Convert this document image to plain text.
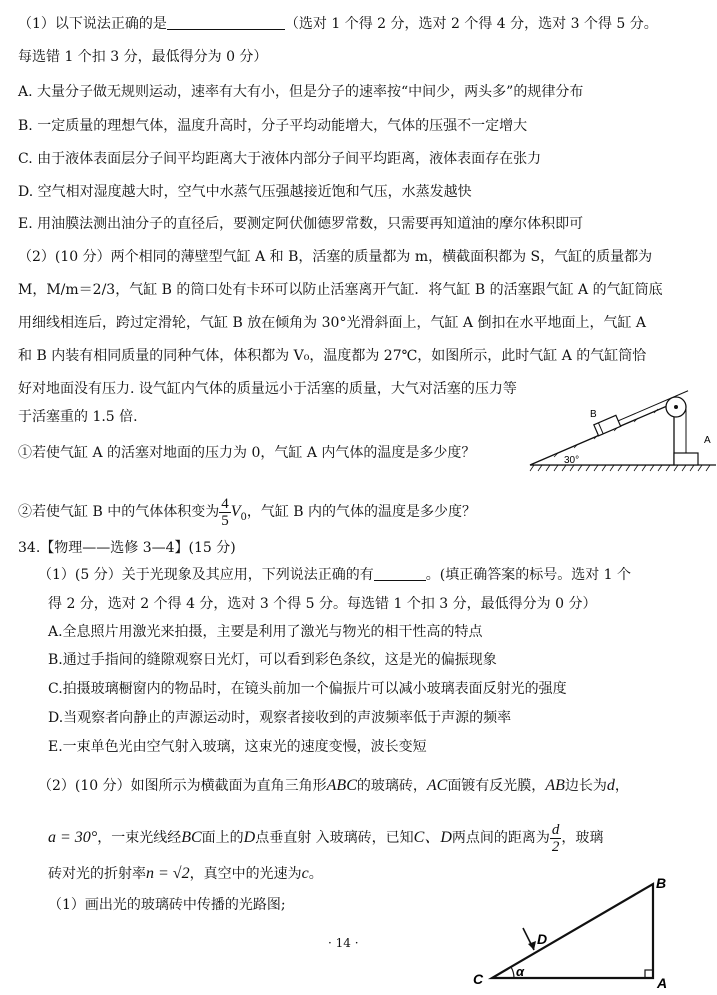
（1）以下说法正确的是	（选对 1 个得 2 分，选对 2 个得 4 分，选对 3 个得 5 分。
每选错 1 个扣 3 分，最低得分为 0 分）
A. 大量分子做无规则运动，速率有大有小，但是分子的速率按“中间少，两头多”的规律分布
B. 一定质量的理想气体，温度升高时，分子平均动能增大，气体的压强不一定增大
C. 由于液体表面层分子间平均距离大于液体内部分子间平均距离，液体表面存在张力
D. 空气相对湿度越大时，空气中水蒸气压强越接近饱和气压，水蒸发越快
E. 用油膜法测出油分子的直径后，要测定阿伏伽德罗常数，只需要再知道油的摩尔体积即可
（2）(10 分）两个相同的薄壁型气缸 A 和 B，活塞的质量都为 m，横截面积都为 S，气缸的质量都为
M，M/m＝2/3，气缸 B 的筒口处有卡环可以防止活塞离开气缸．将气缸 B 的活塞跟气缸 A 的气缸筒底
用细线相连后，跨过定滑轮，气缸 B 放在倾角为 30°光滑斜面上，气缸 A 倒扣在水平地面上，气缸 A
和 B 内装有相同质量的同种气体，体积都为 V₀，温度都为 27℃，如图所示，此时气缸 A 的气缸筒恰
好对地面没有压力. 设气缸内气体的质量远小于活塞的质量，大气对活塞的压力等
于活塞重的 1.5 倍.
①若使气缸 A 的活塞对地面的压力为 0，气缸 A 内气体的温度是多少度？
②若使气缸 B 中的气体体积变为 $\frac{4}{5} V_0$，气缸 B 内的气体的温度是多少度？
B
A
30°
34.【物理——选修 3—4】(15 分)
（1）(5 分）关于光现象及其应用，下列说法正确的有	。(填正确答案的标号。选对 1 个
得 2 分，选对 2 个得 4 分，选对 3 个得 5 分。每选错 1 个扣 3 分，最低得分为 0 分）
A.全息照片用激光来拍摄，主要是利用了激光与物光的相干性高的特点
B.通过手指间的缝隙观察日光灯，可以看到彩色条纹，这是光的偏振现象
C.拍摄玻璃橱窗内的物品时，在镜头前加一个偏振片可以减小玻璃表面反射光的强度
D.当观察者向静止的声源运动时，观察者接收到的声波频率低于声源的频率
E.一束单色光由空气射入玻璃，这束光的速度变慢，波长变短
（2）(10 分）如图所示为横截面为直角三角形ABC的玻璃砖，AC面镀有反光膜，AB边长为d，
a = 30°，一束光线经BC面上的D点垂直射 入玻璃砖，已知C、D两点间的距离为 $\frac{d}{2}$ ，玻璃
砖对光的折射率n = √2，真空中的光速为c。
（1）画出光的玻璃砖中传播的光路图;
C	A
B
D
α
· 14 ·
